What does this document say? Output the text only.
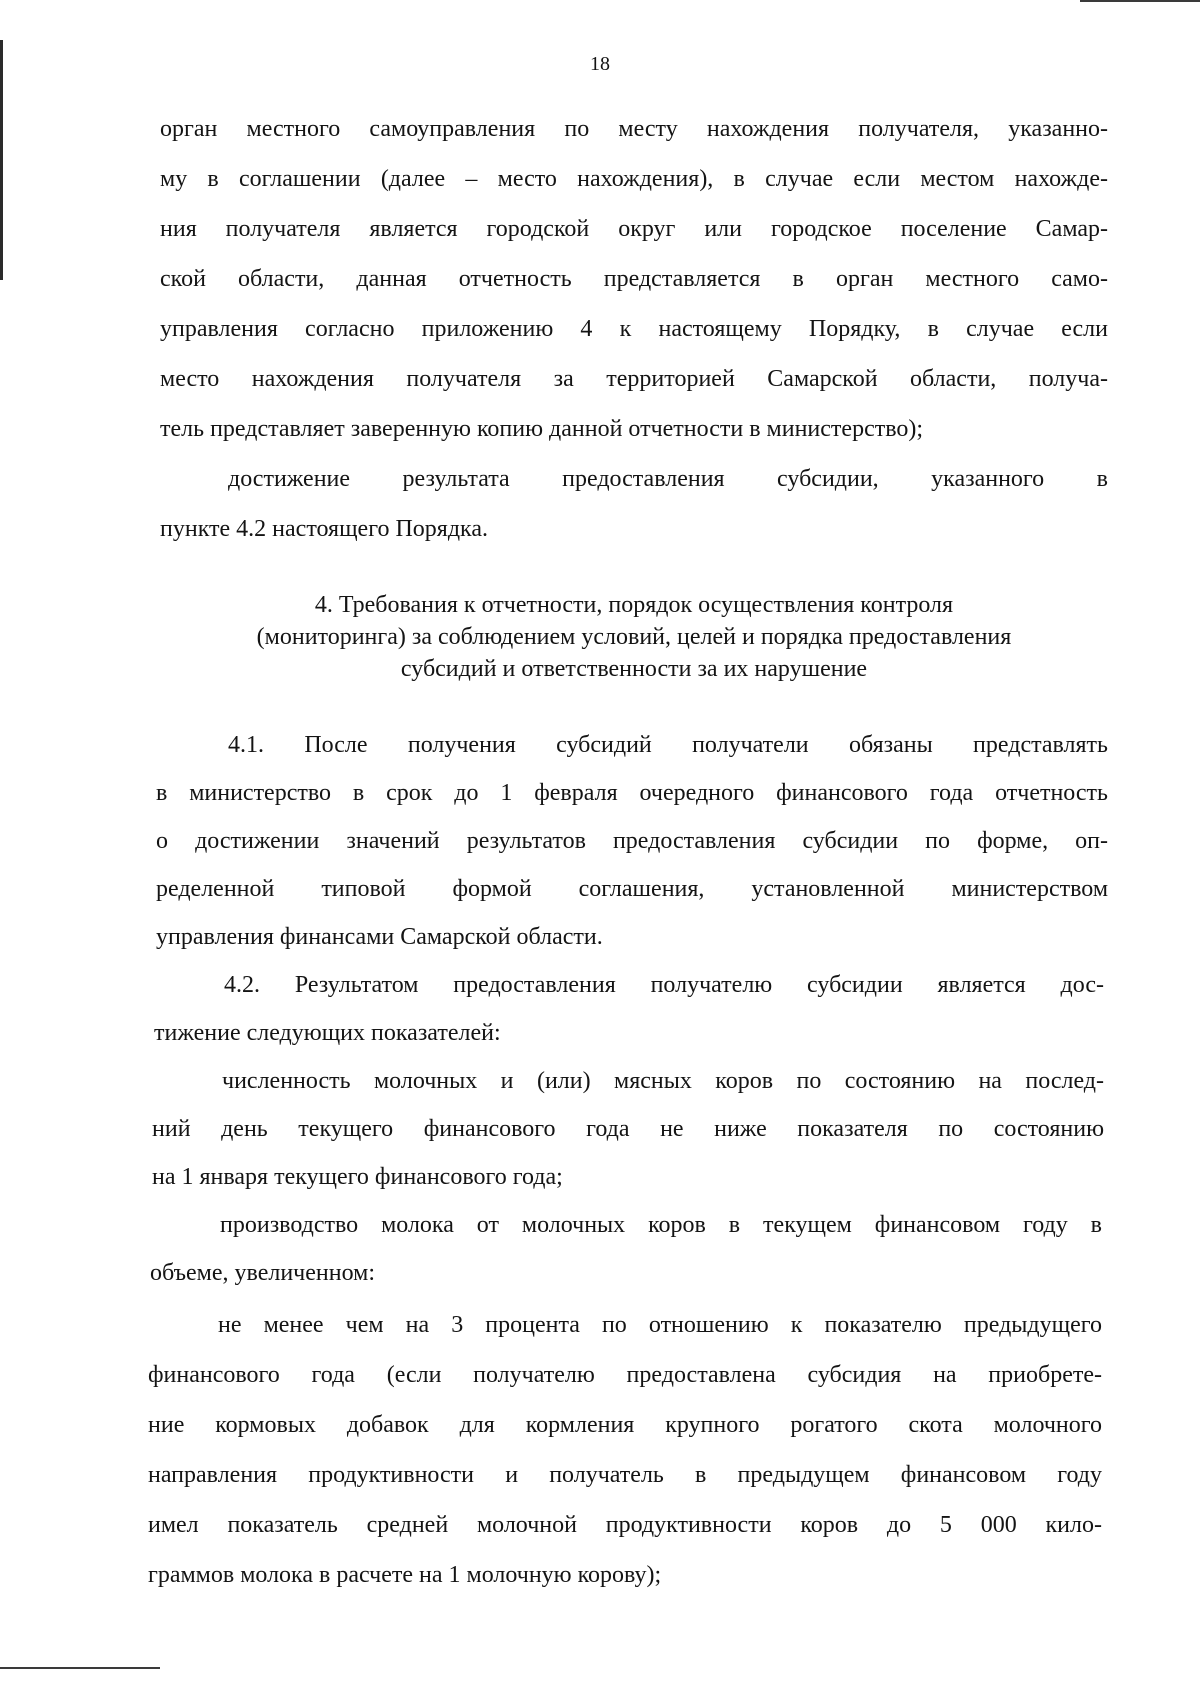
18
орган местного самоуправления по месту нахождения получателя, указанно-
му в соглашении (далее – место нахождения), в случае если местом нахожде-
ния получателя является городской округ или городское поселение Самар-
ской области, данная отчетность представляется в орган местного само-
управления согласно приложению 4 к настоящему Порядку, в случае если
место нахождения получателя за территорией Самарской области, получа-
тель представляет заверенную копию данной отчетности в министерство);
достижение результата предоставления субсидии, указанного в
пункте 4.2 настоящего Порядка.
4. Требования к отчетности, порядок осуществления контроля
(мониторинга) за соблюдением условий, целей и порядка предоставления
субсидий и ответственности за их нарушение
4.1. После получения субсидий получатели обязаны представлять
в министерство в срок до 1 февраля очередного финансового года отчетность
о достижении значений результатов предоставления субсидии по форме, оп-
ределенной типовой формой соглашения, установленной министерством
управления финансами Самарской области.
4.2. Результатом предоставления получателю субсидии является дос-
тижение следующих показателей:
численность молочных и (или) мясных коров по состоянию на послед-
ний день текущего финансового года не ниже показателя по состоянию
на 1 января текущего финансового года;
производство молока от молочных коров в текущем финансовом году в
объеме, увеличенном:
не менее чем на 3 процента по отношению к показателю предыдущего
финансового года (если получателю предоставлена субсидия на приобрете-
ние кормовых добавок для кормления крупного рогатого скота молочного
направления продуктивности и получатель в предыдущем финансовом году
имел показатель средней молочной продуктивности коров до 5 000 кило-
граммов молока в расчете на 1 молочную корову);
